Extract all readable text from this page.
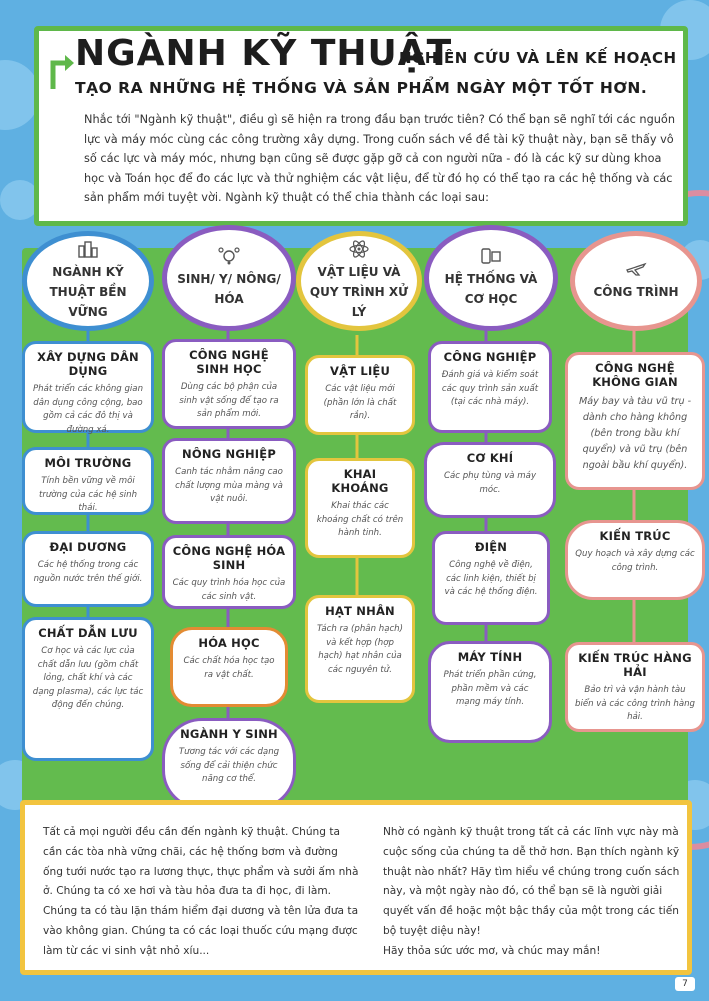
NGÀNH KỸ THUẬT
NGHIÊN CỨU VÀ LÊN KẾ HOẠCH
TẠO RA NHỮNG HỆ THỐNG VÀ SẢN PHẨM NGÀY MỘT TỐT HƠN.
Nhắc tới "Ngành kỹ thuật", điều gì sẽ hiện ra trong đầu bạn trước tiên? Có thể bạn sẽ nghĩ tới các nguồn lực và máy móc cùng các công trường xây dựng. Trong cuốn sách về đề tài kỹ thuật này, bạn sẽ thấy vô số các lực và máy móc, nhưng bạn cũng sẽ được gặp gỡ cả con người nữa - đó là các kỹ sư dùng khoa học và Toán học để đo các lực và thử nghiệm các vật liệu, để từ đó họ có thể tạo ra các hệ thống và các sản phẩm mới tuyệt vời. Ngành kỹ thuật có thể chia thành các loại sau:
NGÀNH KỸ THUẬT BỀN VỮNG
SINH/ Y/ NÔNG/ HÓA
VẬT LIỆU VÀ QUY TRÌNH XỬ LÝ
HỆ THỐNG VÀ CƠ HỌC	CÔNG TRÌNH
XÂY DỰNG DÂN DỤNG
Phát triển các không gian dân dụng công cộng, bao gồm cả các đô thị và đường xá.
MÔI TRƯỜNG
Tính bền vững về môi trường của các hệ sinh thái.
ĐẠI DƯƠNG
Các hệ thống trong các nguồn nước trên thế giới.
CHẤT DẪN LƯU
Cơ học và các lực của chất dẫn lưu (gồm chất lỏng, chất khí và các dạng plasma), các lực tác động đến chúng.
CÔNG NGHỆ SINH HỌC
Dùng các bộ phận của sinh vật sống để tạo ra sản phẩm mới.
NÔNG NGHIỆP
Canh tác nhằm nâng cao chất lượng mùa màng và vật nuôi.
CÔNG NGHỆ HÓA SINH
Các quy trình hóa học của các sinh vật.
HÓA HỌC
Các chất hóa học tạo ra vật chất.
NGÀNH Y SINH
Tương tác với các dạng sống để cải thiện chức năng cơ thể.
VẬT LIỆU
Các vật liệu mới (phần lớn là chất rắn).
KHAI KHOÁNG
Khai thác các khoáng chất có trên hành tinh.
HẠT NHÂN
Tách ra (phân hạch) và kết hợp (hợp hạch) hạt nhân của các nguyên tử.
CÔNG NGHIỆP
Đánh giá và kiểm soát các quy trình sản xuất (tại các nhà máy).
CƠ KHÍ
Các phụ tùng và máy móc.
ĐIỆN
Công nghệ về điện, các linh kiện, thiết bị và các hệ thống điện.
MÁY TÍNH
Phát triển phần cứng, phần mềm và các mạng máy tính.
CÔNG NGHỆ KHÔNG GIAN
Máy bay và tàu vũ trụ - dành cho hàng không (bên trong bầu khí quyển) và vũ trụ (bên ngoài bầu khí quyển).
KIẾN TRÚC
Quy hoạch và xây dựng các công trình.
KIẾN TRÚC HÀNG HẢI
Bảo trì và vận hành tàu biển và các công trình hàng hải.
Tất cả mọi người đều cần đến ngành kỹ thuật. Chúng ta cần các tòa nhà vững chãi, các hệ thống bơm và đường ống tưới nước tạo ra lương thực, thực phẩm và sưởi ấm nhà ở. Chúng ta có xe hơi và tàu hỏa đưa ta đi học, đi làm. Chúng ta có tàu lặn thám hiểm đại dương và tên lửa đưa ta vào không gian. Chúng ta có các loại thuốc cứu mạng được làm từ các vi sinh vật nhỏ xíu...
Nhờ có ngành kỹ thuật trong tất cả các lĩnh vực này mà cuộc sống của chúng ta dễ thở hơn. Bạn thích ngành kỹ thuật nào nhất? Hãy tìm hiểu về chúng trong cuốn sách này, và một ngày nào đó, có thể bạn sẽ là người giải quyết vấn đề hoặc một bậc thầy của một trong các tiến bộ tuyệt diệu này!
Hãy thỏa sức ước mơ, và chúc may mắn!
7
